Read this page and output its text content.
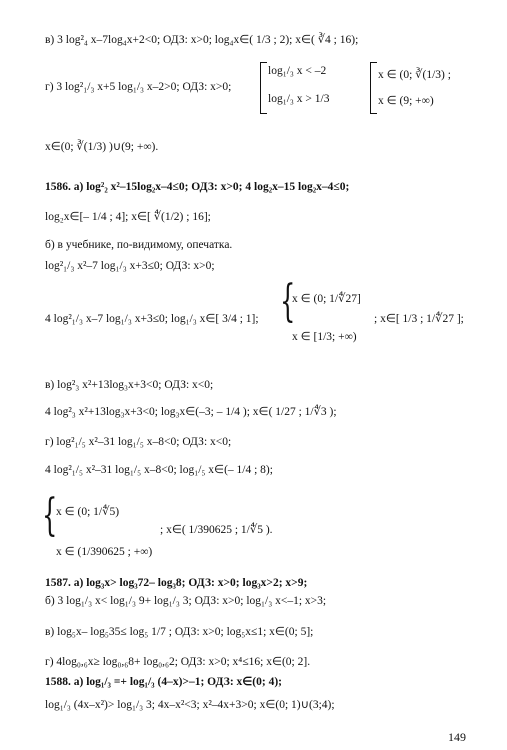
в) 3 log²₄ x–7log₄x+2<0; ОДЗ: x>0; log₄x∈( 1/3 ; 2); x∈( ∛4 ; 16);
г) 3 log²₁/₃ x+5 log₁/₃ x–2>0; ОДЗ: x>0;
log₁/₃ x < –2
log₁/₃ x > 1/3
x ∈ (0; ∛(1/3) ;
x ∈ (9; +∞)
x∈(0; ∛(1/3) )∪(9; +∞).
1586. а) log²₂ x²–15log₂x–4≤0; ОДЗ: x>0; 4 log₂x–15 log₂x–4≤0;
log₂x∈[– 1/4 ; 4]; x∈[ ∜(1/2) ; 16];
б) в учебнике, по-видимому, опечатка.
log²₁/₃ x²–7 log₁/₃ x+3≤0; ОДЗ: x>0;
4 log²₁/₃ x–7 log₁/₃ x+3≤0; log₁/₃ x∈[ 3/4 ; 1]; {
x ∈ (0; 1/∜27]
x ∈ [1/3; +∞)
; x∈[ 1/3 ; 1/∜27 ];
в) log²₃ x²+13log₃x+3<0; ОДЗ: x<0;
4 log²₃ x²+13log₃x+3<0; log₃x∈(–3; – 1/4 ); x∈( 1/27 ; 1/∜3 );
г) log²₁/₅ x²–31 log₁/₅ x–8<0; ОДЗ: x<0;
4 log²₁/₅ x²–31 log₁/₅ x–8<0; log₁/₅ x∈(– 1/4 ; 8);
{
x ∈ (0; 1/∜5)
x ∈ (1/390625 ; +∞)
; x∈( 1/390625 ; 1/∜5 ).
1587. а) log₃x> log₃72– log₃8; ОДЗ: x>0; log₃x>2; x>9;
б) 3 log₁/₃ x< log₁/₃ 9+ log₁/₃ 3; ОДЗ: x>0; log₁/₃ x<–1; x>3;
в) log₅x– log₅35≤ log₅ 1/7 ; ОДЗ: x>0; log₅x≤1; x∈(0; 5];
г) 4log₀,₆x≥ log₀,₆8+ log₀,₆2; ОДЗ: x>0; x⁴≤16; x∈(0; 2].
1588. а) log₁/₃ =+ log₁/₃ (4–x)>–1; ОДЗ: x∈(0; 4);
log₁/₃ (4x–x²)> log₁/₃ 3; 4x–x²<3; x²–4x+3>0; x∈(0; 1)∪(3;4);
149
